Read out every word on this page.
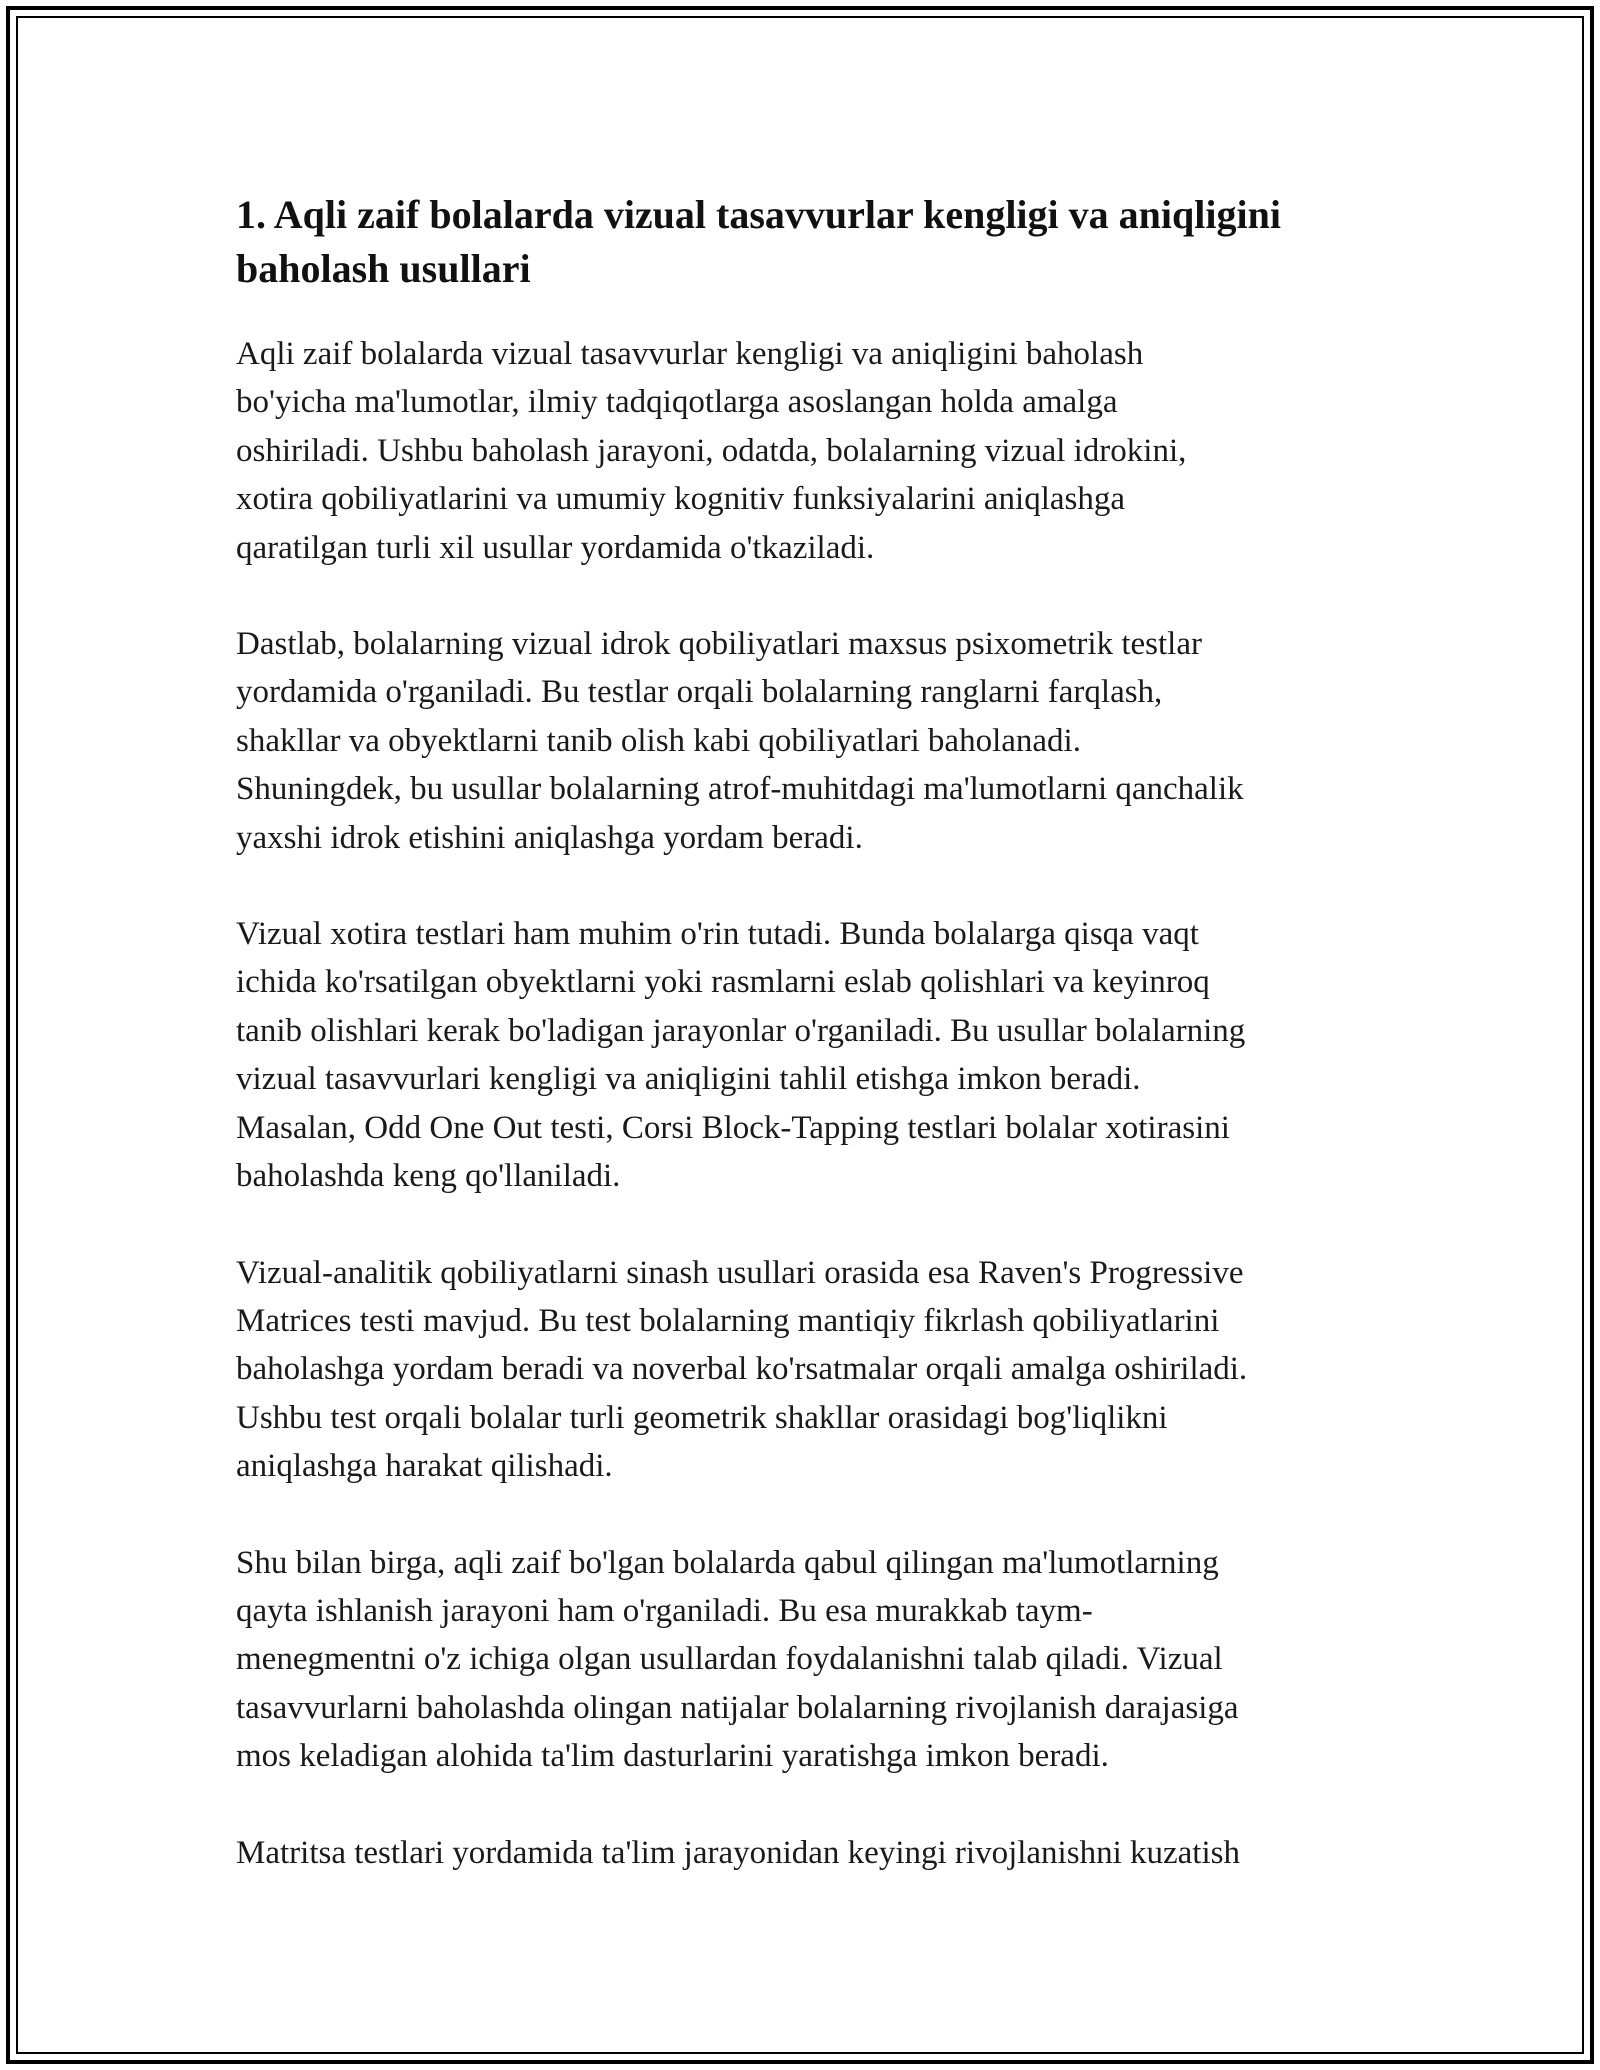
1. Aqli zaif bolalarda vizual tasavvurlar kengligi va aniqligini
baholash usullari

Aqli zaif bolalarda vizual tasavvurlar kengligi va aniqligini baholash
bo'yicha ma'lumotlar, ilmiy tadqiqotlarga asoslangan holda amalga
oshiriladi. Ushbu baholash jarayoni, odatda, bolalarning vizual idrokini,
xotira qobiliyatlarini va umumiy kognitiv funksiyalarini aniqlashga
qaratilgan turli xil usullar yordamida o'tkaziladi.

Dastlab, bolalarning vizual idrok qobiliyatlari maxsus psixometrik testlar
yordamida o'rganiladi. Bu testlar orqali bolalarning ranglarni farqlash,
shakllar va obyektlarni tanib olish kabi qobiliyatlari baholanadi.
Shuningdek, bu usullar bolalarning atrof-muhitdagi ma'lumotlarni qanchalik
yaxshi idrok etishini aniqlashga yordam beradi.

Vizual xotira testlari ham muhim o'rin tutadi. Bunda bolalarga qisqa vaqt
ichida ko'rsatilgan obyektlarni yoki rasmlarni eslab qolishlari va keyinroq
tanib olishlari kerak bo'ladigan jarayonlar o'rganiladi. Bu usullar bolalarning
vizual tasavvurlari kengligi va aniqligini tahlil etishga imkon beradi.
Masalan, Odd One Out testi, Corsi Block-Tapping testlari bolalar xotirasini
baholashda keng qo'llaniladi.

Vizual-analitik qobiliyatlarni sinash usullari orasida esa Raven's Progressive
Matrices testi mavjud. Bu test bolalarning mantiqiy fikrlash qobiliyatlarini
baholashga yordam beradi va noverbal ko'rsatmalar orqali amalga oshiriladi.
Ushbu test orqali bolalar turli geometrik shakllar orasidagi bog'liqlikni
aniqlashga harakat qilishadi.

Shu bilan birga, aqli zaif bo'lgan bolalarda qabul qilingan ma'lumotlarning
qayta ishlanish jarayoni ham o'rganiladi. Bu esa murakkab taym-
menegmentni o'z ichiga olgan usullardan foydalanishni talab qiladi. Vizual
tasavvurlarni baholashda olingan natijalar bolalarning rivojlanish darajasiga
mos keladigan alohida ta'lim dasturlarini yaratishga imkon beradi.

Matritsa testlari yordamida ta'lim jarayonidan keyingi rivojlanishni kuzatish
